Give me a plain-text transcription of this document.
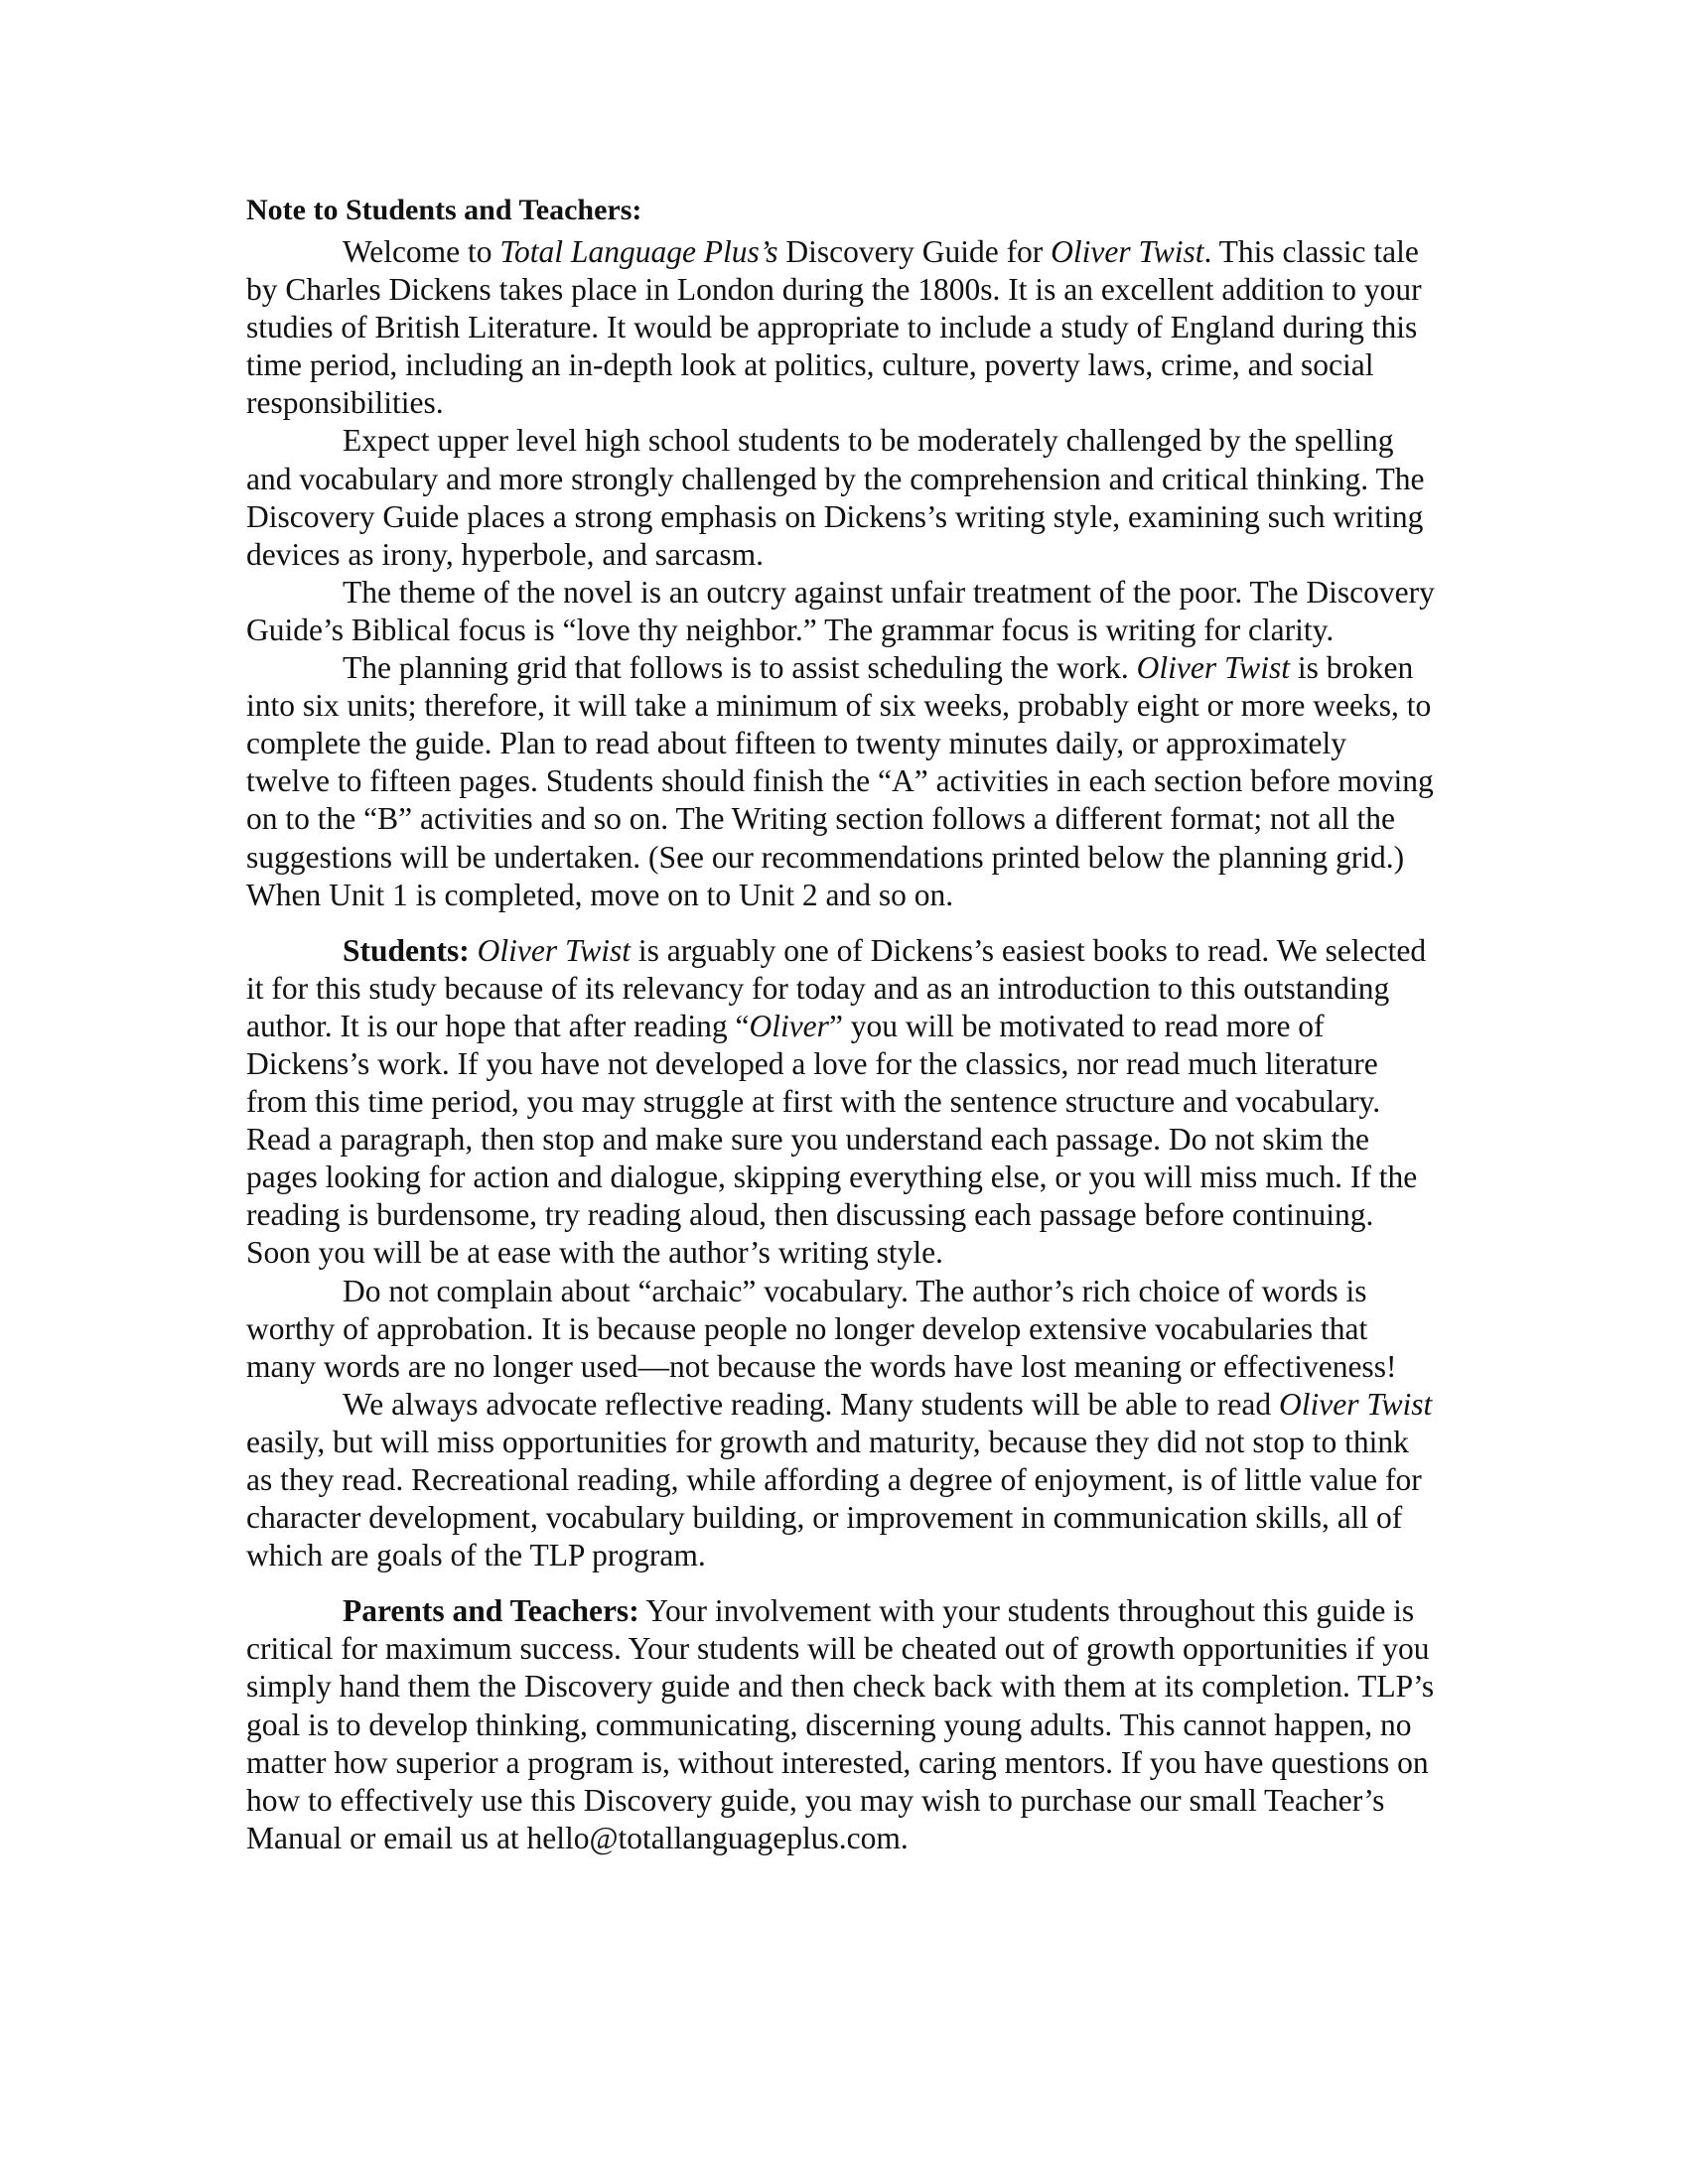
Note to Students and Teachers:

Welcome to Total Language Plus’s Discovery Guide for Oliver Twist. This classic tale by Charles Dickens takes place in London during the 1800s. It is an excellent addition to your studies of British Literature. It would be appropriate to include a study of England during this time period, including an in-depth look at politics, culture, poverty laws, crime, and social responsibilities.

Expect upper level high school students to be moderately challenged by the spelling and vocabulary and more strongly challenged by the comprehension and critical thinking. The Discovery Guide places a strong emphasis on Dickens’s writing style, examining such writing devices as irony, hyperbole, and sarcasm.

The theme of the novel is an outcry against unfair treatment of the poor. The Discovery Guide’s Biblical focus is “love thy neighbor.” The grammar focus is writing for clarity.

The planning grid that follows is to assist scheduling the work. Oliver Twist is broken into six units; therefore, it will take a minimum of six weeks, probably eight or more weeks, to complete the guide. Plan to read about fifteen to twenty minutes daily, or approximately twelve to fifteen pages. Students should finish the “A” activities in each section before moving on to the “B” activities and so on. The Writing section follows a different format; not all the suggestions will be undertaken. (See our recommendations printed below the planning grid.) When Unit 1 is completed, move on to Unit 2 and so on.

Students: Oliver Twist is arguably one of Dickens’s easiest books to read. We selected it for this study because of its relevancy for today and as an introduction to this outstanding author. It is our hope that after reading “Oliver” you will be motivated to read more of Dickens’s work. If you have not developed a love for the classics, nor read much literature from this time period, you may struggle at first with the sentence structure and vocabulary. Read a paragraph, then stop and make sure you understand each passage. Do not skim the pages looking for action and dialogue, skipping everything else, or you will miss much. If the reading is burdensome, try reading aloud, then discussing each passage before continuing. Soon you will be at ease with the author’s writing style.

Do not complain about “archaic” vocabulary. The author’s rich choice of words is worthy of approbation. It is because people no longer develop extensive vocabularies that many words are no longer used—not because the words have lost meaning or effectiveness!

We always advocate reflective reading. Many students will be able to read Oliver Twist easily, but will miss opportunities for growth and maturity, because they did not stop to think as they read. Recreational reading, while affording a degree of enjoyment, is of little value for character development, vocabulary building, or improvement in communication skills, all of which are goals of the TLP program.

Parents and Teachers: Your involvement with your students throughout this guide is critical for maximum success. Your students will be cheated out of growth opportunities if you simply hand them the Discovery guide and then check back with them at its completion. TLP’s goal is to develop thinking, communicating, discerning young adults. This cannot happen, no matter how superior a program is, without interested, caring mentors. If you have questions on how to effectively use this Discovery guide, you may wish to purchase our small Teacher’s Manual or email us at hello@totallanguageplus.com.
